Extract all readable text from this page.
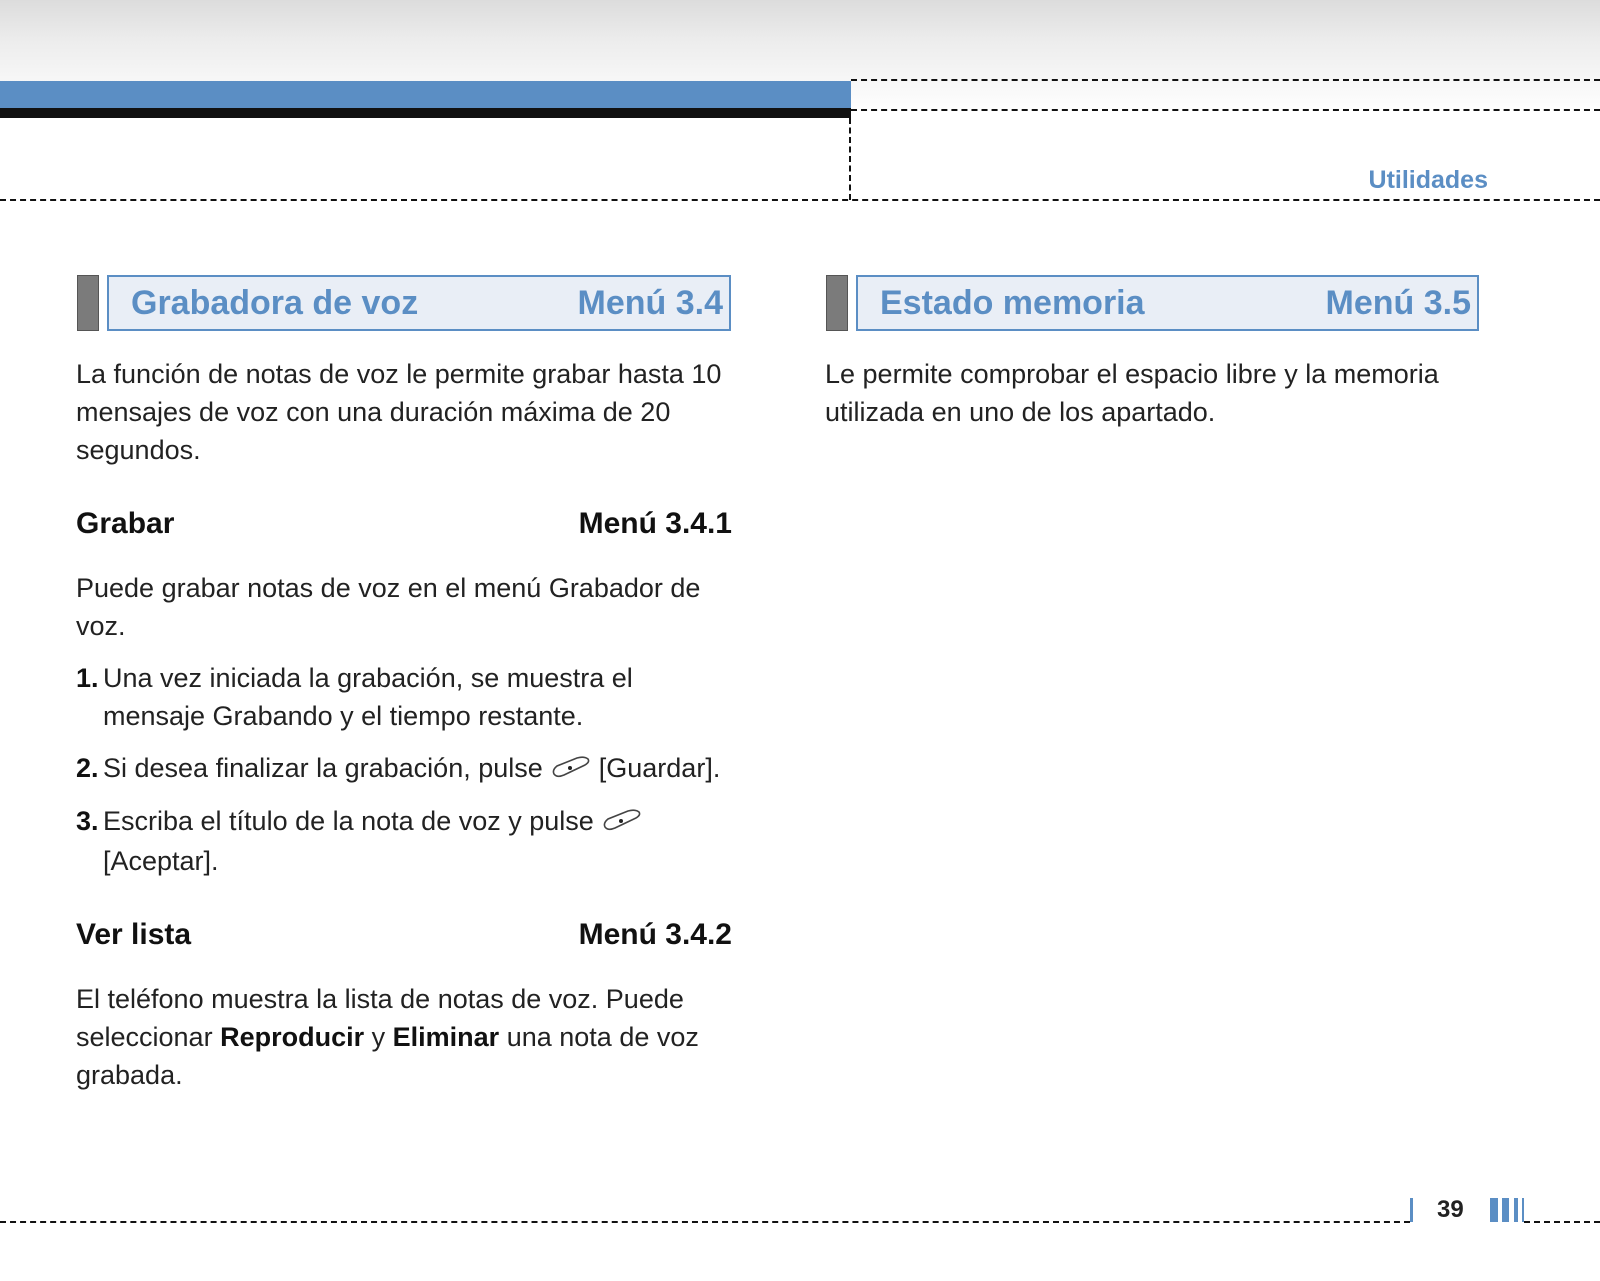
Utilidades
Grabadora de voz	Menú 3.4
La función de notas de voz le permite grabar hasta 10
mensajes de voz con una duración máxima de 20
segundos.
Grabar	Menú 3.4.1
Puede grabar notas de voz en el menú Grabador de
voz.
1. Una vez iniciada la grabación, se muestra el
mensaje Grabando y el tiempo restante.
2. Si desea finalizar la grabación, pulse [Guardar].
3. Escriba el título de la nota de voz y pulse
[Aceptar].
Ver lista	Menú 3.4.2
El teléfono muestra la lista de notas de voz. Puede
seleccionar Reproducir y Eliminar una nota de voz
grabada.
Estado memoria	Menú 3.5
Le permite comprobar el espacio libre y la memoria
utilizada en uno de los apartado.
39
